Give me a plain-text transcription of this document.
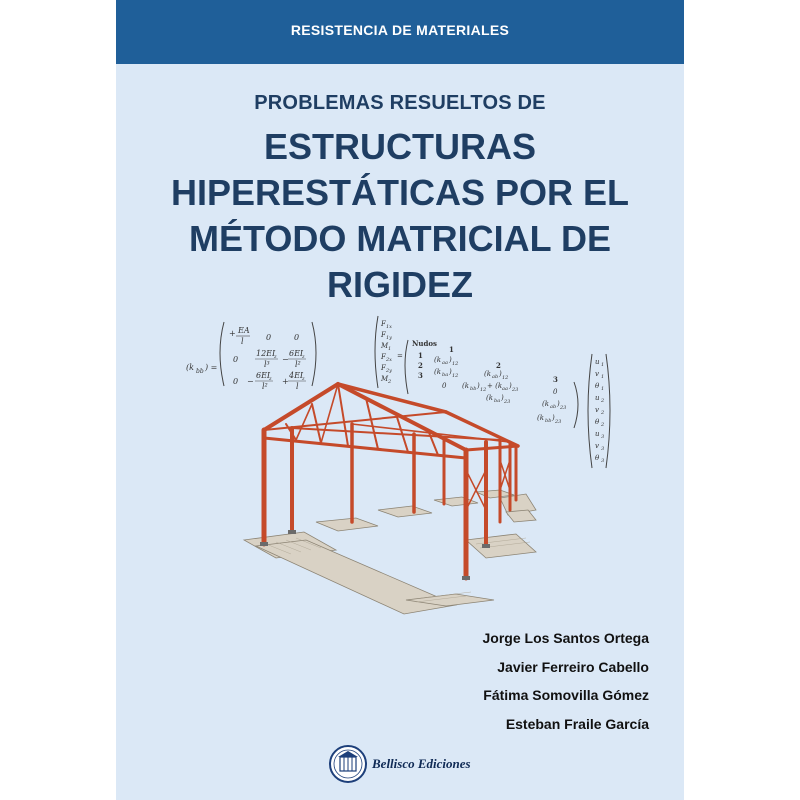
RESISTENCIA DE MATERIALES
PROBLEMAS RESUELTOS DE
ESTRUCTURAS
HIPERESTÁTICAS POR EL
MÉTODO MATRICIAL DE
RIGIDEZ
(k bb ) =
+ EA
l	0	0
0
12EI
z
l³
−
6EI
z
l²
0 −
6EI
z
l²
+
4EI
z
l
F 1x
F 1y
M 1
F 2x
F 2y
M 2
=
Nudos
1
2
3
1
2
3
(k aa ) 12
(k ab ) 12
(k ba ) 12
(k bb ) 12 + (k aa ) 23
0
(k ba ) 23
0
(k ab ) 23
(k bb ) 23
u 1
v 1
θ 1
u 2
v 2
θ 2
u 3
v 3
θ 3
Jorge Los Santos Ortega
Javier Ferreiro Cabello
Fátima Somovilla Gómez
Esteban Fraile García
Bellisco Ediciones
